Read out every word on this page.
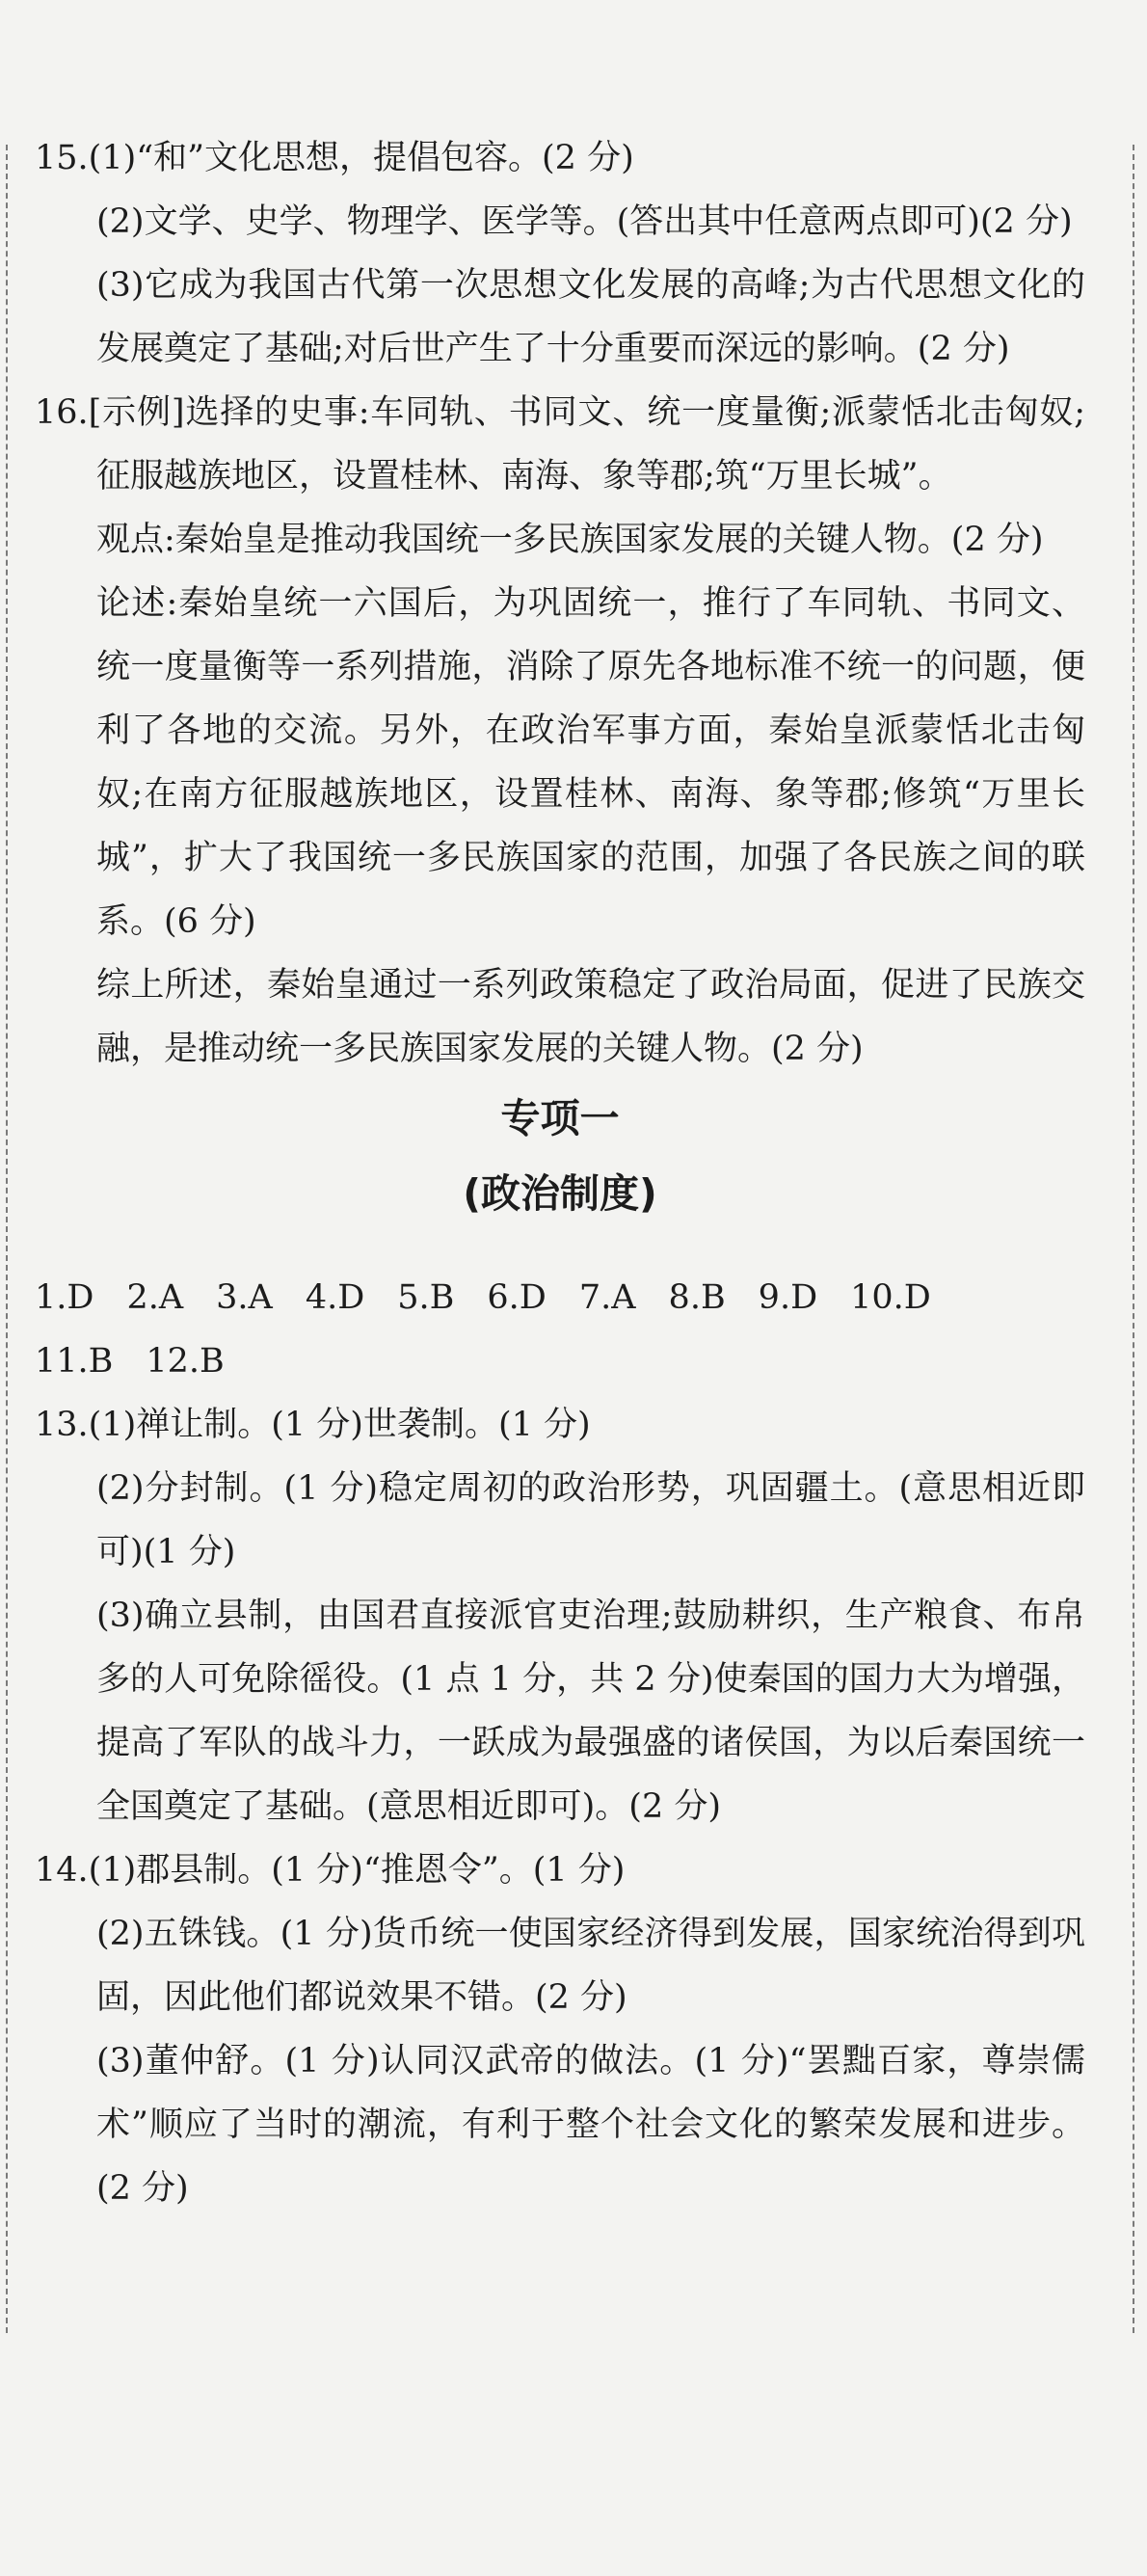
15.(1)“和”文化思想，提倡包容。(2 分)

(2)文学、史学、物理学、医学等。(答出其中任意两点即可)(2 分)

(3)它成为我国古代第一次思想文化发展的高峰;为古代思想文化的发展奠定了基础;对后世产生了十分重要而深远的影响。(2 分)

16.[示例]选择的史事:车同轨、书同文、统一度量衡;派蒙恬北击匈奴;征服越族地区，设置桂林、南海、象等郡;筑“万里长城”。

观点:秦始皇是推动我国统一多民族国家发展的关键人物。(2 分)

论述:秦始皇统一六国后，为巩固统一，推行了车同轨、书同文、统一度量衡等一系列措施，消除了原先各地标准不统一的问题，便利了各地的交流。另外，在政治军事方面，秦始皇派蒙恬北击匈奴;在南方征服越族地区，设置桂林、南海、象等郡;修筑“万里长城”，扩大了我国统一多民族国家的范围，加强了各民族之间的联系。(6 分)

综上所述，秦始皇通过一系列政策稳定了政治局面，促进了民族交融，是推动统一多民族国家发展的关键人物。(2 分)

专项一
(政治制度)
1.D 2.A 3.A 4.D 5.B 6.D 7.A 8.B 9.D 10.D
11.B 12.B

13.(1)禅让制。(1 分)世袭制。(1 分)

(2)分封制。(1 分)稳定周初的政治形势，巩固疆土。(意思相近即可)(1 分)

(3)确立县制，由国君直接派官吏治理;鼓励耕织，生产粮食、布帛多的人可免除徭役。(1 点 1 分，共 2 分)使秦国的国力大为增强，提高了军队的战斗力，一跃成为最强盛的诸侯国，为以后秦国统一全国奠定了基础。(意思相近即可)。(2 分)

14.(1)郡县制。(1 分)“推恩令”。(1 分)

(2)五铢钱。(1 分)货币统一使国家经济得到发展，国家统治得到巩固，因此他们都说效果不错。(2 分)

(3)董仲舒。(1 分)认同汉武帝的做法。(1 分)“罢黜百家，尊崇儒术”顺应了当时的潮流，有利于整个社会文化的繁荣发展和进步。(2 分)
